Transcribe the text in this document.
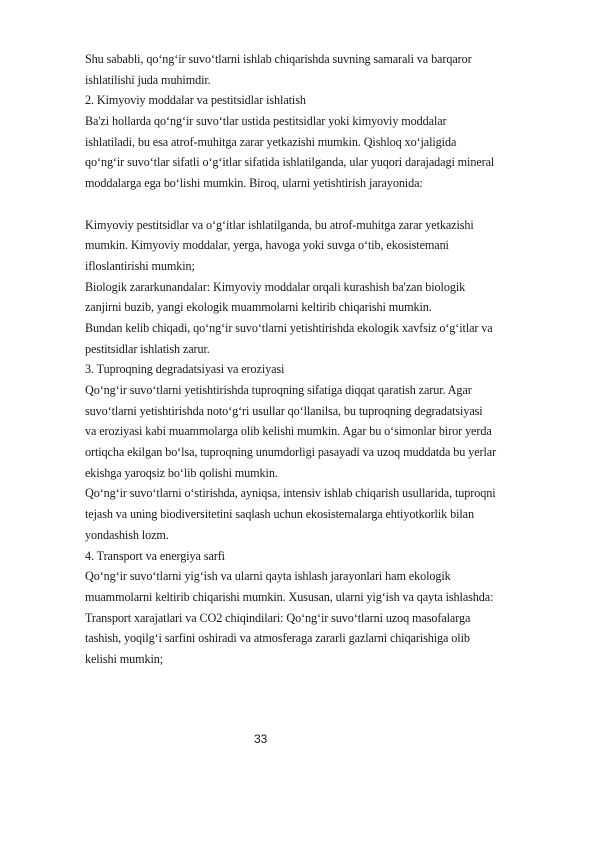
Shu sababli, qo‘ng‘ir suvo‘tlarni ishlab chiqarishda suvning samarali va barqaror
ishlatilishi juda muhimdir.
2. Kimyoviy moddalar va pestitsidlar ishlatish
Ba'zi hollarda qo‘ng‘ir suvo‘tlar ustida pestitsidlar yoki kimyoviy moddalar
ishlatiladi, bu esa atrof-muhitga zarar yetkazishi mumkin. Qishloq xo‘jaligida
qo‘ng‘ir suvo‘tlar sifatli o‘g‘itlar sifatida ishlatilganda, ular yuqori darajadagi mineral
moddalarga ega bo‘lishi mumkin. Biroq, ularni yetishtirish jarayonida:
Kimyoviy pestitsidlar va o‘g‘itlar ishlatilganda, bu atrof-muhitga zarar yetkazishi
mumkin. Kimyoviy moddalar, yerga, havoga yoki suvga o‘tib, ekosistemani
ifloslantirishi mumkin;
Biologik zararkunandalar: Kimyoviy moddalar orqali kurashish ba'zan biologik
zanjirni buzib, yangi ekologik muammolarni keltirib chiqarishi mumkin.
Bundan kelib chiqadi, qo‘ng‘ir suvo‘tlarni yetishtirishda ekologik xavfsiz o‘g‘itlar va
pestitsidlar ishlatish zarur.
3. Tuproqning degradatsiyasi va eroziyasi
Qo‘ng‘ir suvo‘tlarni yetishtirishda tuproqning sifatiga diqqat qaratish zarur. Agar
suvo‘tlarni yetishtirishda noto‘g‘ri usullar qo‘llanilsa, bu tuproqning degradatsiyasi
va eroziyasi kabi muammolarga olib kelishi mumkin. Agar bu o‘simonlar biror yerda
ortiqcha ekilgan bo‘lsa, tuproqning unumdorligi pasayadi va uzoq muddatda bu yerlar
ekishga yaroqsiz bo‘lib qolishi mumkin.
Qo‘ng‘ir suvo‘tlarni o‘stirishda, ayniqsa, intensiv ishlab chiqarish usullarida, tuproqni
tejash va uning biodiversitetini saqlash uchun ekosistemalarga ehtiyotkorlik bilan
yondashish lozm.
4. Transport va energiya sarfi
Qo‘ng‘ir suvo‘tlarni yig‘ish va ularni qayta ishlash jarayonlari ham ekologik
muammolarni keltirib chiqarishi mumkin. Xususan, ularni yig‘ish va qayta ishlashda:
Transport xarajatlari va CO2 chiqindilari: Qo‘ng‘ir suvo‘tlarni uzoq masofalarga
tashish, yoqilg‘i sarfini oshiradi va atmosferaga zararli gazlarni chiqarishiga olib
kelishi mumkin;
33
